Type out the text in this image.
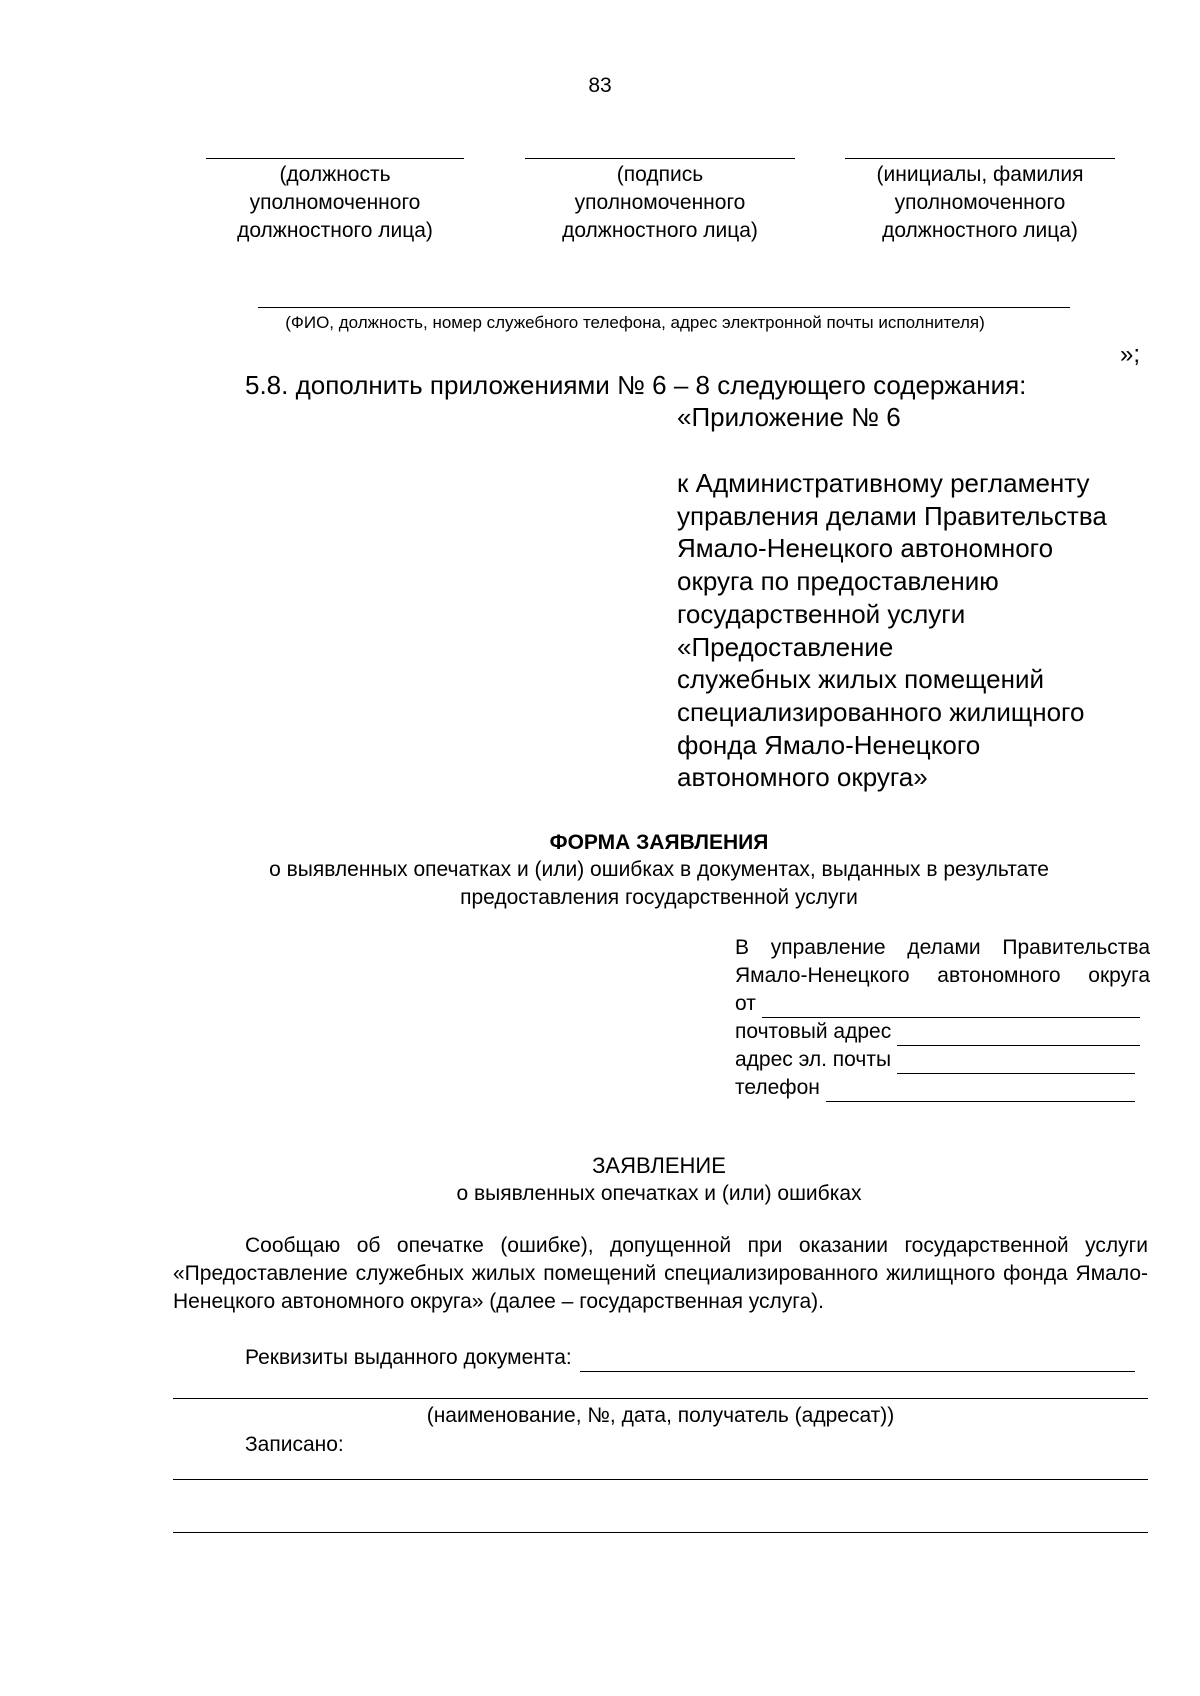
83
(должность
уполномоченного
должностного лица)
(подпись
уполномоченного
должностного лица)
(инициалы, фамилия
уполномоченного
должностного лица)
(ФИО, должность, номер служебного телефона, адрес электронной почты исполнителя)
»;
5.8. дополнить приложениями № 6 – 8 следующего содержания:
«Приложение № 6
к Административному регламенту
управления делами Правительства
Ямало-Ненецкого автономного
округа по предоставлению
государственной услуги
«Предоставление
служебных жилых помещений
специализированного жилищного
фонда Ямало-Ненецкого
автономного округа»
ФОРМА ЗАЯВЛЕНИЯ
о выявленных опечатках и (или) ошибках в документах, выданных в результате предоставления государственной услуги
В управление делами Правительства Ямало-Ненецкого автономного округа
от
почтовый адрес
адрес эл. почты
телефон
ЗАЯВЛЕНИЕ
о выявленных опечатках и (или) ошибках
Сообщаю об опечатке (ошибке), допущенной при оказании государственной услуги «Предоставление служебных жилых помещений специализированного жилищного фонда Ямало-Ненецкого автономного округа» (далее – государственная услуга).
Реквизиты выданного документа:
(наименование, №, дата, получатель (адресат))
Записано:
